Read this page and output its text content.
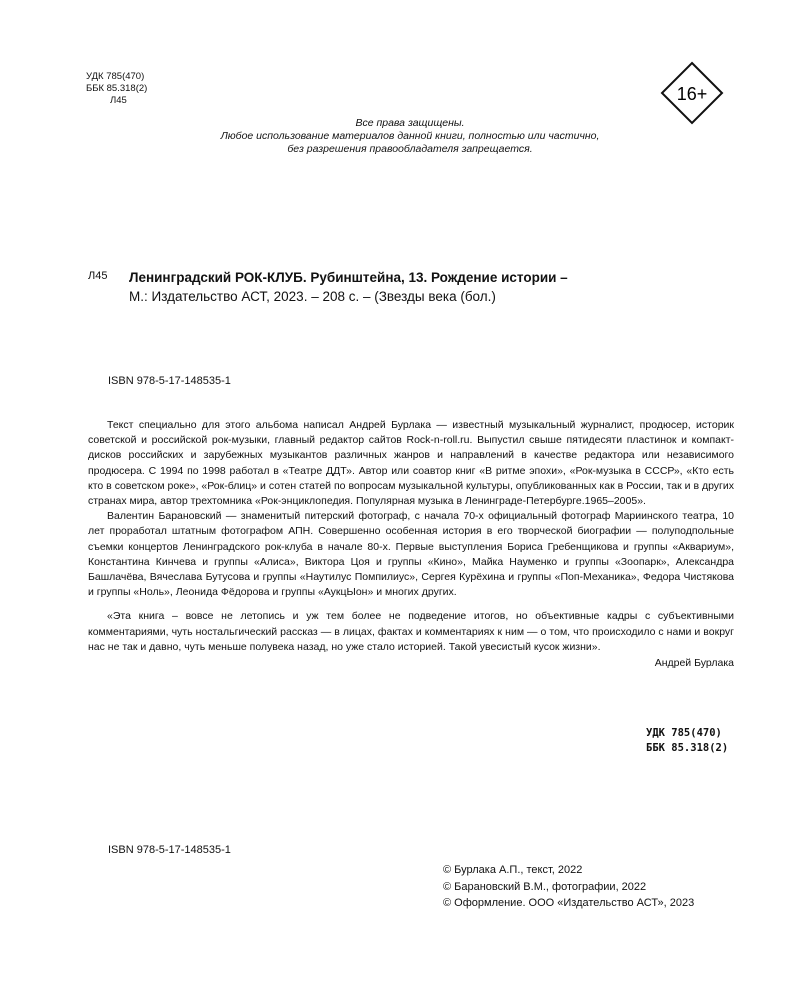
УДК 785(470)
ББК 85.318(2)
Л45	16+
Все права защищены.
Любое использование материалов данной книги, полностью или частично,
без разрешения правообладателя запрещается.
Л45 Ленинградский РОК-КЛУБ. Рубинштейна, 13. Рождение истории –
М.: Издательство АСТ, 2023. – 208 с. – (Звезды века (бол.)
ISBN 978-5-17-148535-1

Текст специально для этого альбома написал Андрей Бурлака — известный музыкальный журналист, продюсер, историк советской и российской рок-музыки, главный редактор сайтов Rock-n-roll.ru. Выпустил свыше пятидесяти пластинок и компакт-дисков российских и зарубежных музыкантов различных жанров и направлений в качестве редактора или независимого продюсера. С 1994 по 1998 работал в «Театре ДДТ». Автор или соавтор книг «В ритме эпохи», «Рок-музыка в СССР», «Кто есть кто в советском роке», «Рок-блиц» и сотен статей по вопросам музыкальной культуры, опубликованных как в России, так и в других странах мира, автор трехтомника «Рок-энциклопедия. Популярная музыка в Ленинграде-Петербурге.1965–2005».

Валентин Барановский — знаменитый питерский фотограф, с начала 70-х официальный фотограф Мариинского театра, 10 лет проработал штатным фотографом АПН. Совершенно особенная история в его творческой биографии — полуподпольные съемки концертов Ленинградского рок-клуба в начале 80-х. Первые выступления Бориса Гребенщикова и группы «Аквариум», Константина Кинчева и группы «Алиса», Виктора Цоя и группы «Кино», Майка Науменко и группы «Зоопарк», Александра Башлачёва, Вячеслава Бутусова и группы «Наутилус Помпилиус», Сергея Курёхина и группы «Поп-Механика», Федора Чистякова и группы «Ноль», Леонида Фёдорова и группы «АукцЫон» и многих других.

«Эта книга – вовсе не летопись и уж тем более не подведение итогов, но объективные кадры с субъективными комментариями, чуть ностальгический рассказ — в лицах, фактах и комментариях к ним — о том, что происходило с нами и вокруг нас не так и давно, чуть меньше полувека назад, но уже стало историей. Такой увесистый кусок жизни».

Андрей Бурлака
УДК 785(470)
ББК 85.318(2)
ISBN 978-5-17-148535-1
© Бурлака А.П., текст, 2022
© Барановский В.М., фотографии, 2022
© Оформление. ООО «Издательство АСТ», 2023
